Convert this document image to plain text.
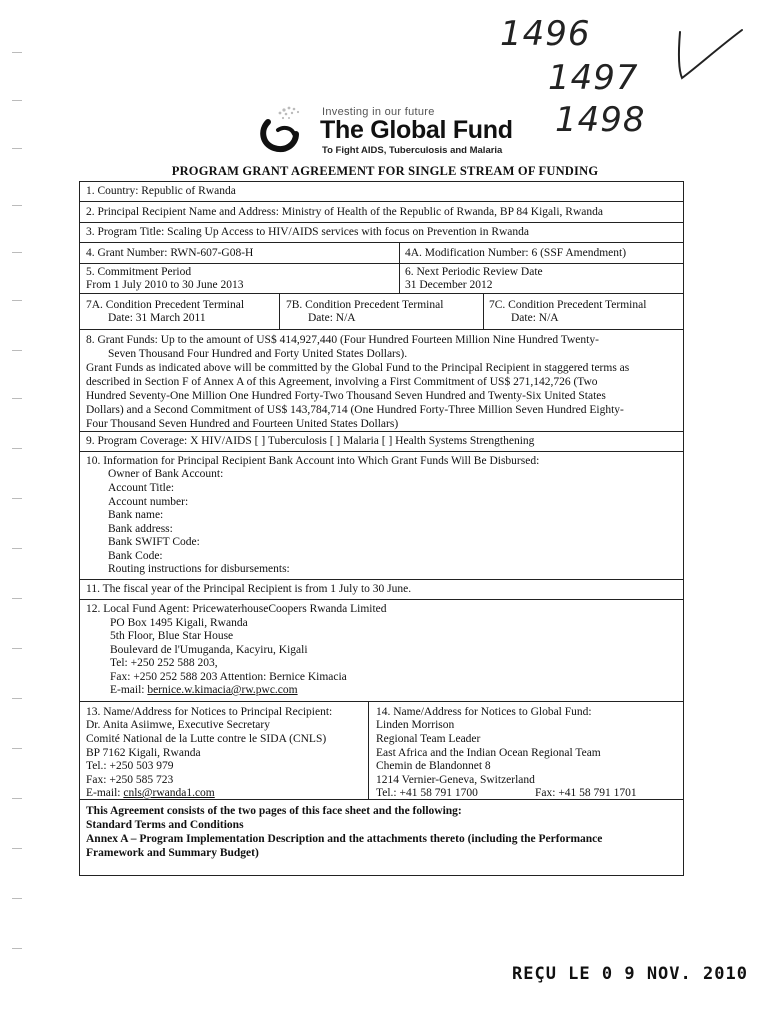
1496
1497
1498
Investing in our future
The Global Fund
To Fight AIDS, Tuberculosis and Malaria
PROGRAM GRANT AGREEMENT FOR SINGLE STREAM OF FUNDING
1. Country: Republic of Rwanda
2. Principal Recipient Name and Address: Ministry of Health of the Republic of Rwanda, BP 84 Kigali, Rwanda
3. Program Title: Scaling Up Access to HIV/AIDS services with focus on Prevention in Rwanda
4. Grant Number: RWN-607-G08-H	4A. Modification Number: 6 (SSF Amendment)
5. Commitment Period
From 1 July 2010 to 30 June 2013
6. Next Periodic Review Date
31 December 2012
7A. Condition Precedent Terminal
Date: 31 March 2011
7B. Condition Precedent Terminal
Date: N/A
7C. Condition Precedent Terminal
Date: N/A
8. Grant Funds: Up to the amount of US$ 414,927,440 (Four Hundred Fourteen Million Nine Hundred Twenty-
Seven Thousand Four Hundred and Forty United States Dollars).
Grant Funds as indicated above will be committed by the Global Fund to the Principal Recipient in staggered terms as
described in Section F of Annex A of this Agreement, involving a First Commitment of US$ 271,142,726 (Two
Hundred Seventy-One Million One Hundred Forty-Two Thousand Seven Hundred and Twenty-Six United States
Dollars) and a Second Commitment of US$ 143,784,714 (One Hundred Forty-Three Million Seven Hundred Eighty-
Four Thousand Seven Hundred and Fourteen United States Dollars)
9. Program Coverage: X HIV/AIDS [ ] Tuberculosis [ ] Malaria [ ] Health Systems Strengthening
10. Information for Principal Recipient Bank Account into Which Grant Funds Will Be Disbursed:
Owner of Bank Account:
Account Title:
Account number:
Bank name:
Bank address:
Bank SWIFT Code:
Bank Code:
Routing instructions for disbursements:
11. The fiscal year of the Principal Recipient is from 1 July to 30 June.
12. Local Fund Agent: PricewaterhouseCoopers Rwanda Limited
PO Box 1495 Kigali, Rwanda
5th Floor, Blue Star House
Boulevard de l'Umuganda, Kacyiru, Kigali
Tel: +250 252 588 203,
Fax: +250 252 588 203 Attention: Bernice Kimacia
E-mail: bernice.w.kimacia@rw.pwc.com
13. Name/Address for Notices to Principal Recipient:
Dr. Anita Asiimwe, Executive Secretary
Comité National de la Lutte contre le SIDA (CNLS)
BP 7162 Kigali, Rwanda
Tel.: +250 503 979
Fax: +250 585 723
E-mail: cnls@rwanda1.com
14. Name/Address for Notices to Global Fund:
Linden Morrison
Regional Team Leader
East Africa and the Indian Ocean Regional Team
Chemin de Blandonnet 8
1214 Vernier-Geneva, Switzerland
Tel.: +41 58 791 1700	Fax: +41 58 791 1701
This Agreement consists of the two pages of this face sheet and the following:
Standard Terms and Conditions
Annex A – Program Implementation Description and the attachments thereto (including the Performance
Framework and Summary Budget)
REÇU LE 0 9 NOV. 2010
